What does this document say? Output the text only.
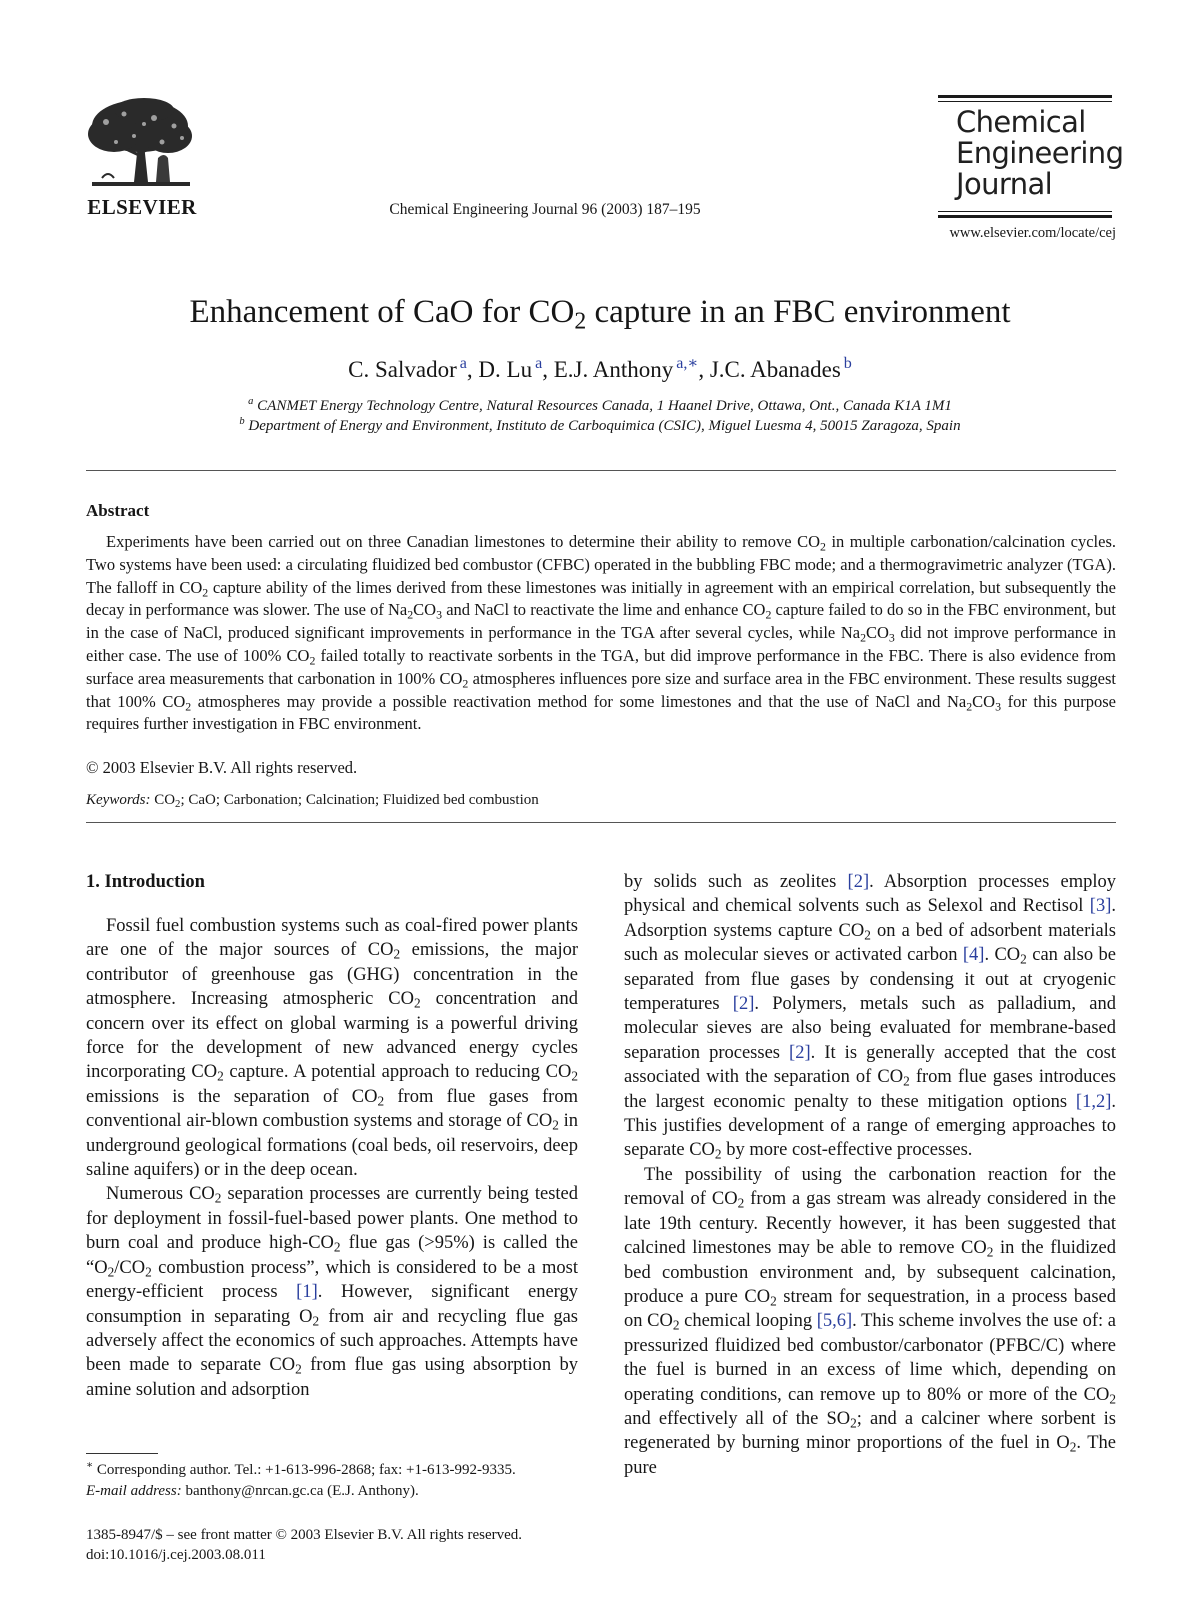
ELSEVIER	Chemical Engineering Journal 96 (2003) 187–195
Chemical
Engineering
Journal
www.elsevier.com/locate/cej
Enhancement of CaO for $CO_2$ capture in an FBC environment
C. Salvador $^a$, D. Lu $^a$, E.J. Anthony $^{a,∗}$, J.C. Abanades $^b$
$^a$ CANMET Energy Technology Centre, Natural Resources Canada, 1 Haanel Drive, Ottawa, Ont., Canada K1A 1M1
$^b$ Department of Energy and Environment, Instituto de Carboquimica (CSIC), Miguel Luesma 4, 50015 Zaragoza, Spain
Abstract
Experiments have been carried out on three Canadian limestones to determine their ability to remove $CO_2$ in multiple carbonation/calcination cycles. Two systems have been used: a circulating fluidized bed combustor (CFBC) operated in the bubbling FBC mode; and a thermogravimetric analyzer (TGA). The falloff in $CO_2$ capture ability of the limes derived from these limestones was initially in agreement with an empirical correlation, but subsequently the decay in performance was slower. The use of $Na_2CO_3$ and NaCl to reactivate the lime and enhance $CO_2$ capture failed to do so in the FBC environment, but in the case of NaCl, produced significant improvements in performance in the TGA after several cycles, while $Na_2CO_3$ did not improve performance in either case. The use of 100% $CO_2$ failed totally to reactivate sorbents in the TGA, but did improve performance in the FBC. There is also evidence from surface area measurements that carbonation in 100% $CO_2$ atmospheres influences pore size and surface area in the FBC environment. These results suggest that 100% $CO_2$ atmospheres may provide a possible reactivation method for some limestones and that the use of NaCl and $Na_2CO_3$ for this purpose requires further investigation in FBC environment.
© 2003 Elsevier B.V. All rights reserved.
Keywords: $CO_2$; CaO; Carbonation; Calcination; Fluidized bed combustion
1. Introduction

Fossil fuel combustion systems such as coal-fired power plants are one of the major sources of $CO_2$ emissions, the major contributor of greenhouse gas (GHG) concentration in the atmosphere. Increasing atmospheric $CO_2$ concentration and concern over its effect on global warming is a powerful driving force for the development of new advanced energy cycles incorporating $CO_2$ capture. A potential approach to reducing $CO_2$ emissions is the separation of $CO_2$ from flue gases from conventional air-blown combustion systems and storage of $CO_2$ in underground geological formations (coal beds, oil reservoirs, deep saline aquifers) or in the deep ocean.

Numerous $CO_2$ separation processes are currently being tested for deployment in fossil-fuel-based power plants. One method to burn coal and produce high-$CO_2$ flue gas (>95%) is called the “$O_2/CO_2$ combustion process”, which is considered to be a most energy-efficient process [1]. However, significant energy consumption in separating $O_2$ from air and recycling flue gas adversely affect the economics of such approaches. Attempts have been made to separate $CO_2$ from flue gas using absorption by amine solution and adsorption

by solids such as zeolites [2]. Absorption processes employ physical and chemical solvents such as Selexol and Rectisol [3]. Adsorption systems capture $CO_2$ on a bed of adsorbent materials such as molecular sieves or activated carbon [4]. $CO_2$ can also be separated from flue gases by condensing it out at cryogenic temperatures [2]. Polymers, metals such as palladium, and molecular sieves are also being evaluated for membrane-based separation processes [2]. It is generally accepted that the cost associated with the separation of $CO_2$ from flue gases introduces the largest economic penalty to these mitigation options [1,2]. This justifies development of a range of emerging approaches to separate $CO_2$ by more cost-effective processes.

The possibility of using the carbonation reaction for the removal of $CO_2$ from a gas stream was already considered in the late 19th century. Recently however, it has been suggested that calcined limestones may be able to remove $CO_2$ in the fluidized bed combustion environment and, by subsequent calcination, produce a pure $CO_2$ stream for sequestration, in a process based on $CO_2$ chemical looping [5,6]. This scheme involves the use of: a pressurized fluidized bed combustor/carbonator (PFBC/C) where the fuel is burned in an excess of lime which, depending on operating conditions, can remove up to 80% or more of the $CO_2$ and effectively all of the $SO_2$; and a calciner where sorbent is regenerated by burning minor proportions of the fuel in $O_2$. The pure

∗ Corresponding author. Tel.: +1-613-996-2868; fax: +1-613-992-9335.
E-mail address: banthony@nrcan.gc.ca (E.J. Anthony).
1385-8947/$ – see front matter © 2003 Elsevier B.V. All rights reserved.
doi:10.1016/j.cej.2003.08.011
